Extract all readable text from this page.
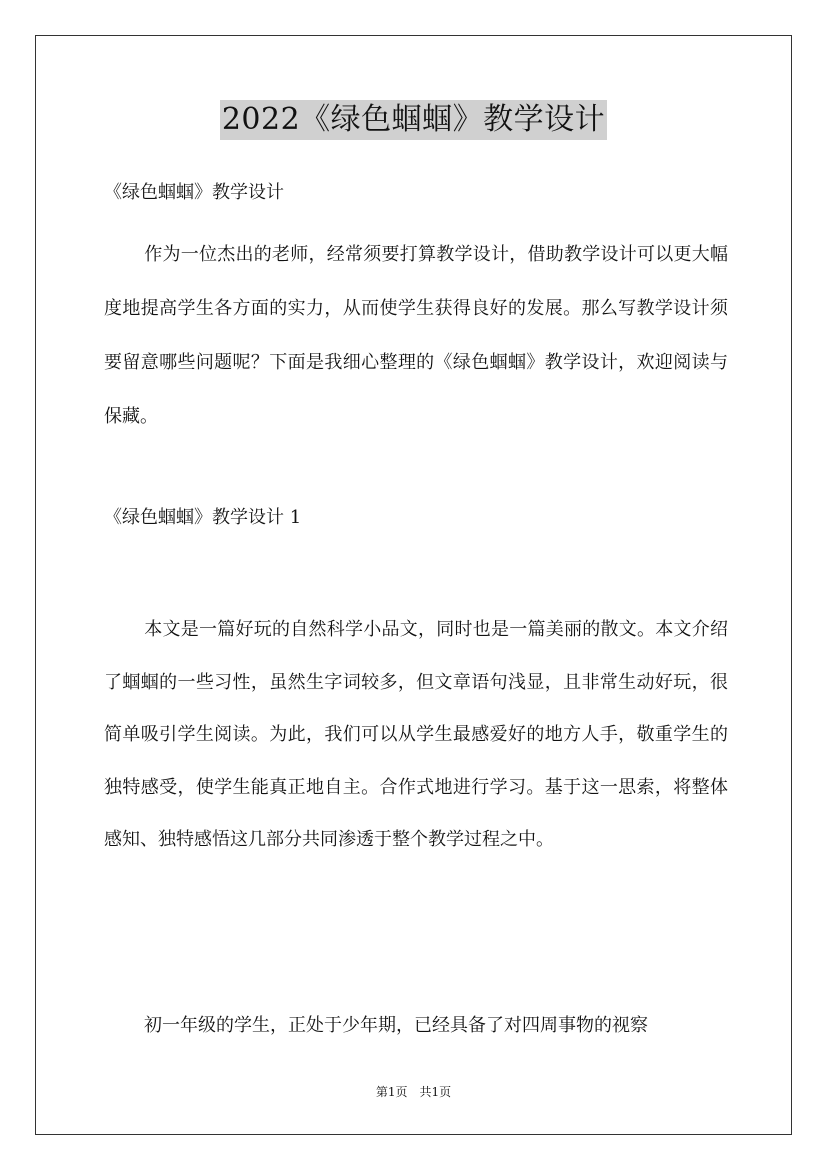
2022《绿色蝈蝈》教学设计
《绿色蝈蝈》教学设计
作为一位杰出的老师，经常须要打算教学设计，借助教学设计可以更大幅度地提高学生各方面的实力，从而使学生获得良好的发展。那么写教学设计须要留意哪些问题呢？下面是我细心整理的《绿色蝈蝈》教学设计，欢迎阅读与保藏。
《绿色蝈蝈》教学设计 1
本文是一篇好玩的自然科学小品文，同时也是一篇美丽的散文。本文介绍了蝈蝈的一些习性，虽然生字词较多，但文章语句浅显，且非常生动好玩，很简单吸引学生阅读。为此，我们可以从学生最感爱好的地方人手，敬重学生的独特感受，使学生能真正地自主。合作式地进行学习。基于这一思索，将整体感知、独特感悟这几部分共同渗透于整个教学过程之中。
初一年级的学生，正处于少年期，已经具备了对四周事物的视察
第1页　共1页
